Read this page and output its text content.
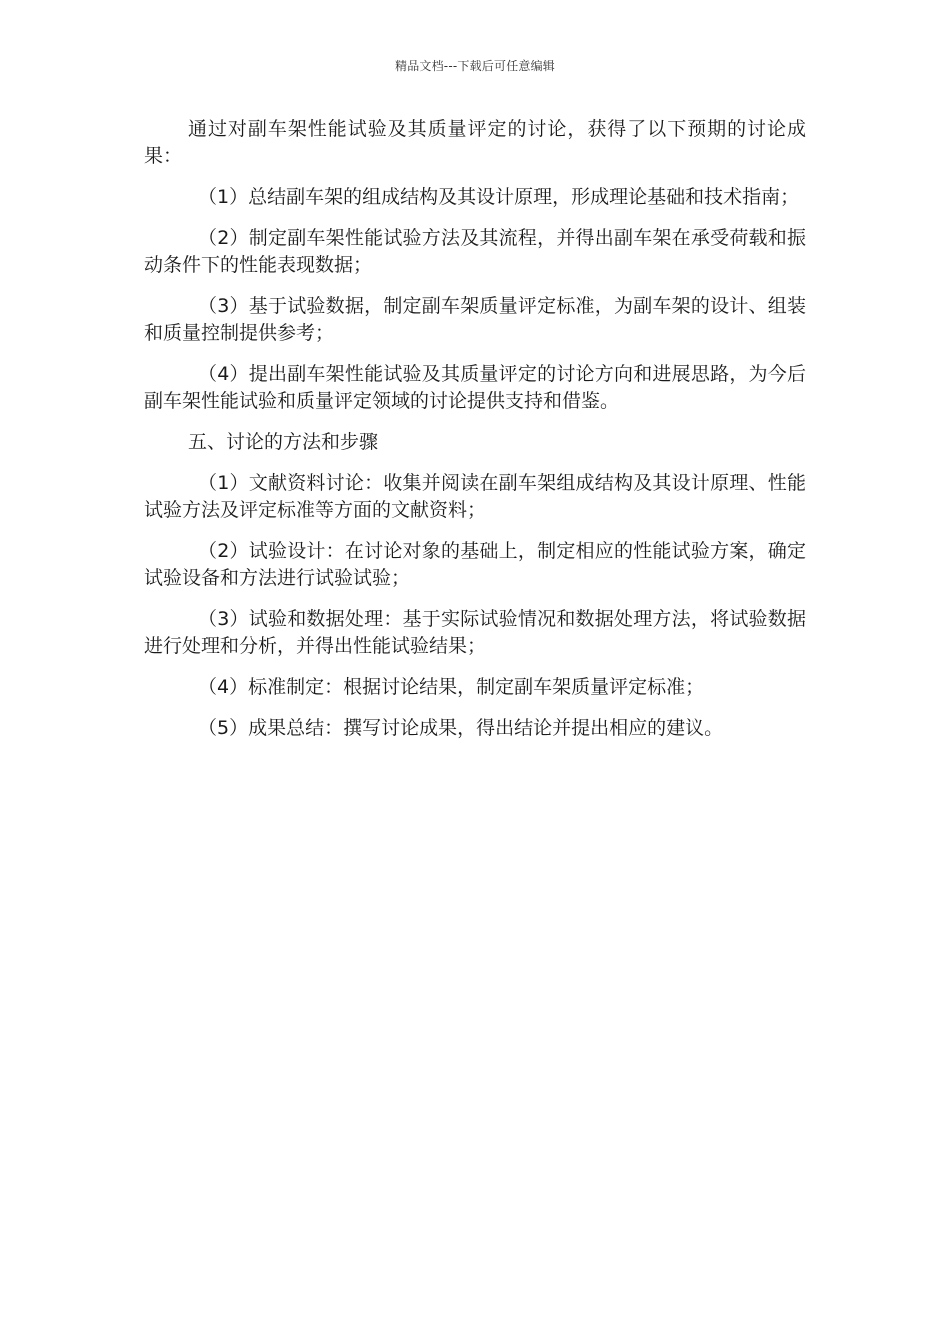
精品文档---下载后可任意编辑

通过对副车架性能试验及其质量评定的讨论，获得了以下预期的讨论成果：

（1）总结副车架的组成结构及其设计原理，形成理论基础和技术指南；

（2）制定副车架性能试验方法及其流程，并得出副车架在承受荷载和振动条件下的性能表现数据；

（3）基于试验数据，制定副车架质量评定标准，为副车架的设计、组装和质量控制提供参考；

（4）提出副车架性能试验及其质量评定的讨论方向和进展思路，为今后副车架性能试验和质量评定领域的讨论提供支持和借鉴。

五、讨论的方法和步骤

（1）文献资料讨论：收集并阅读在副车架组成结构及其设计原理、性能试验方法及评定标准等方面的文献资料；

（2）试验设计：在讨论对象的基础上，制定相应的性能试验方案，确定试验设备和方法进行试验试验；

（3）试验和数据处理：基于实际试验情况和数据处理方法，将试验数据进行处理和分析，并得出性能试验结果；

（4）标准制定：根据讨论结果，制定副车架质量评定标准；

（5）成果总结：撰写讨论成果，得出结论并提出相应的建议。
